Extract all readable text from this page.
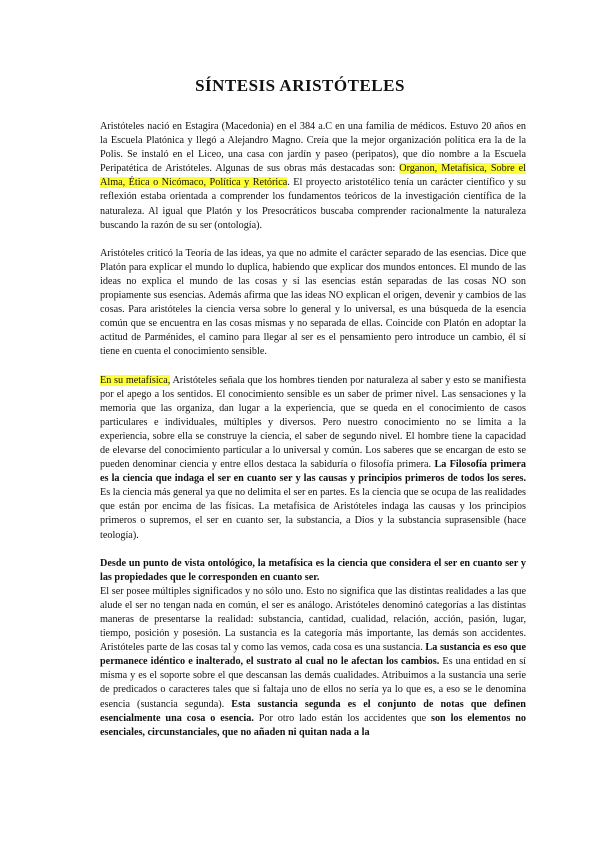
SÍNTESIS ARISTÓTELES

Aristóteles nació en Estagira (Macedonia) en el 384 a.C en una familia de médicos. Estuvo 20 años en la Escuela Platónica y llegó a Alejandro Magno. Creía que la mejor organización política era la de la Polis. Se instaló en el Liceo, una casa con jardín y paseo (peripatos), que dio nombre a la Escuela Peripatética de Aristóteles. Algunas de sus obras más destacadas son: Organon, Metafísica, Sobre el Alma, Ética o Nicómaco, Política y Retórica. El proyecto aristotélico tenía un carácter científico y su reflexión estaba orientada a comprender los fundamentos teóricos de la investigación científica de la naturaleza. Al igual que Platón y los Presocráticos buscaba comprender racionalmente la naturaleza buscando la razón de su ser (ontología).

Aristóteles criticó la Teoría de las ideas, ya que no admite el carácter separado de las esencias. Dice que Platón para explicar el mundo lo duplica, habiendo que explicar dos mundos entonces. El mundo de las ideas no explica el mundo de las cosas y si las esencias están separadas de las cosas NO son propiamente sus esencias. Además afirma que las ideas NO explican el origen, devenir y cambios de las cosas. Para aristóteles la ciencia versa sobre lo general y lo universal, es una búsqueda de la esencia común que se encuentra en las cosas mismas y no separada de ellas. Coincide con Platón en adoptar la actitud de Parménides, el camino para llegar al ser es el pensamiento pero introduce un cambio, él sí tiene en cuenta el conocimiento sensible.

En su metafísica, Aristóteles señala que los hombres tienden por naturaleza al saber y esto se manifiesta por el apego a los sentidos. El conocimiento sensible es un saber de primer nivel. Las sensaciones y la memoria que las organiza, dan lugar a la experiencia, que se queda en el conocimiento de casos particulares e individuales, múltiples y diversos. Pero nuestro conocimiento no se limita a la experiencia, sobre ella se construye la ciencia, el saber de segundo nivel. El hombre tiene la capacidad de elevarse del conocimiento particular a lo universal y común. Los saberes que se encargan de esto se pueden denominar ciencia y entre ellos destaca la sabiduría o filosofía primera. La Filosofía primera es la ciencia que indaga el ser en cuanto ser y las causas y principios primeros de todos los seres. Es la ciencia más general ya que no delimita el ser en partes. Es la ciencia que se ocupa de las realidades que están por encima de las físicas. La metafísica de Aristóteles indaga las causas y los principios primeros o supremos, el ser en cuanto ser, la substancia, a Dios y la substancia suprasensible (hace teología).

Desde un punto de vista ontológico, la metafísica es la ciencia que considera el ser en cuanto ser y las propiedades que le corresponden en cuanto ser.
El ser posee múltiples significados y no sólo uno. Esto no significa que las distintas realidades a las que alude el ser no tengan nada en común, el ser es análogo. Aristóteles denominó categorías a las distintas maneras de presentarse la realidad: substancia, cantidad, cualidad, relación, acción, pasión, lugar, tiempo, posición y posesión. La sustancia es la categoría más importante, las demás son accidentes. Aristóteles parte de las cosas tal y como las vemos, cada cosa es una sustancia. La sustancia es eso que permanece idéntico e inalterado, el sustrato al cual no le afectan los cambios. Es una entidad en sí misma y es el soporte sobre el que descansan las demás cualidades. Atribuimos a la sustancia una serie de predicados o caracteres tales que si faltaja uno de ellos no sería ya lo que es, a eso se le denomina esencia (sustancia segunda). Esta sustancia segunda es el conjunto de notas que definen esencialmente una cosa o esencia. Por otro lado están los accidentes que son los elementos no esenciales, circunstanciales, que no añaden ni quitan nada a la
